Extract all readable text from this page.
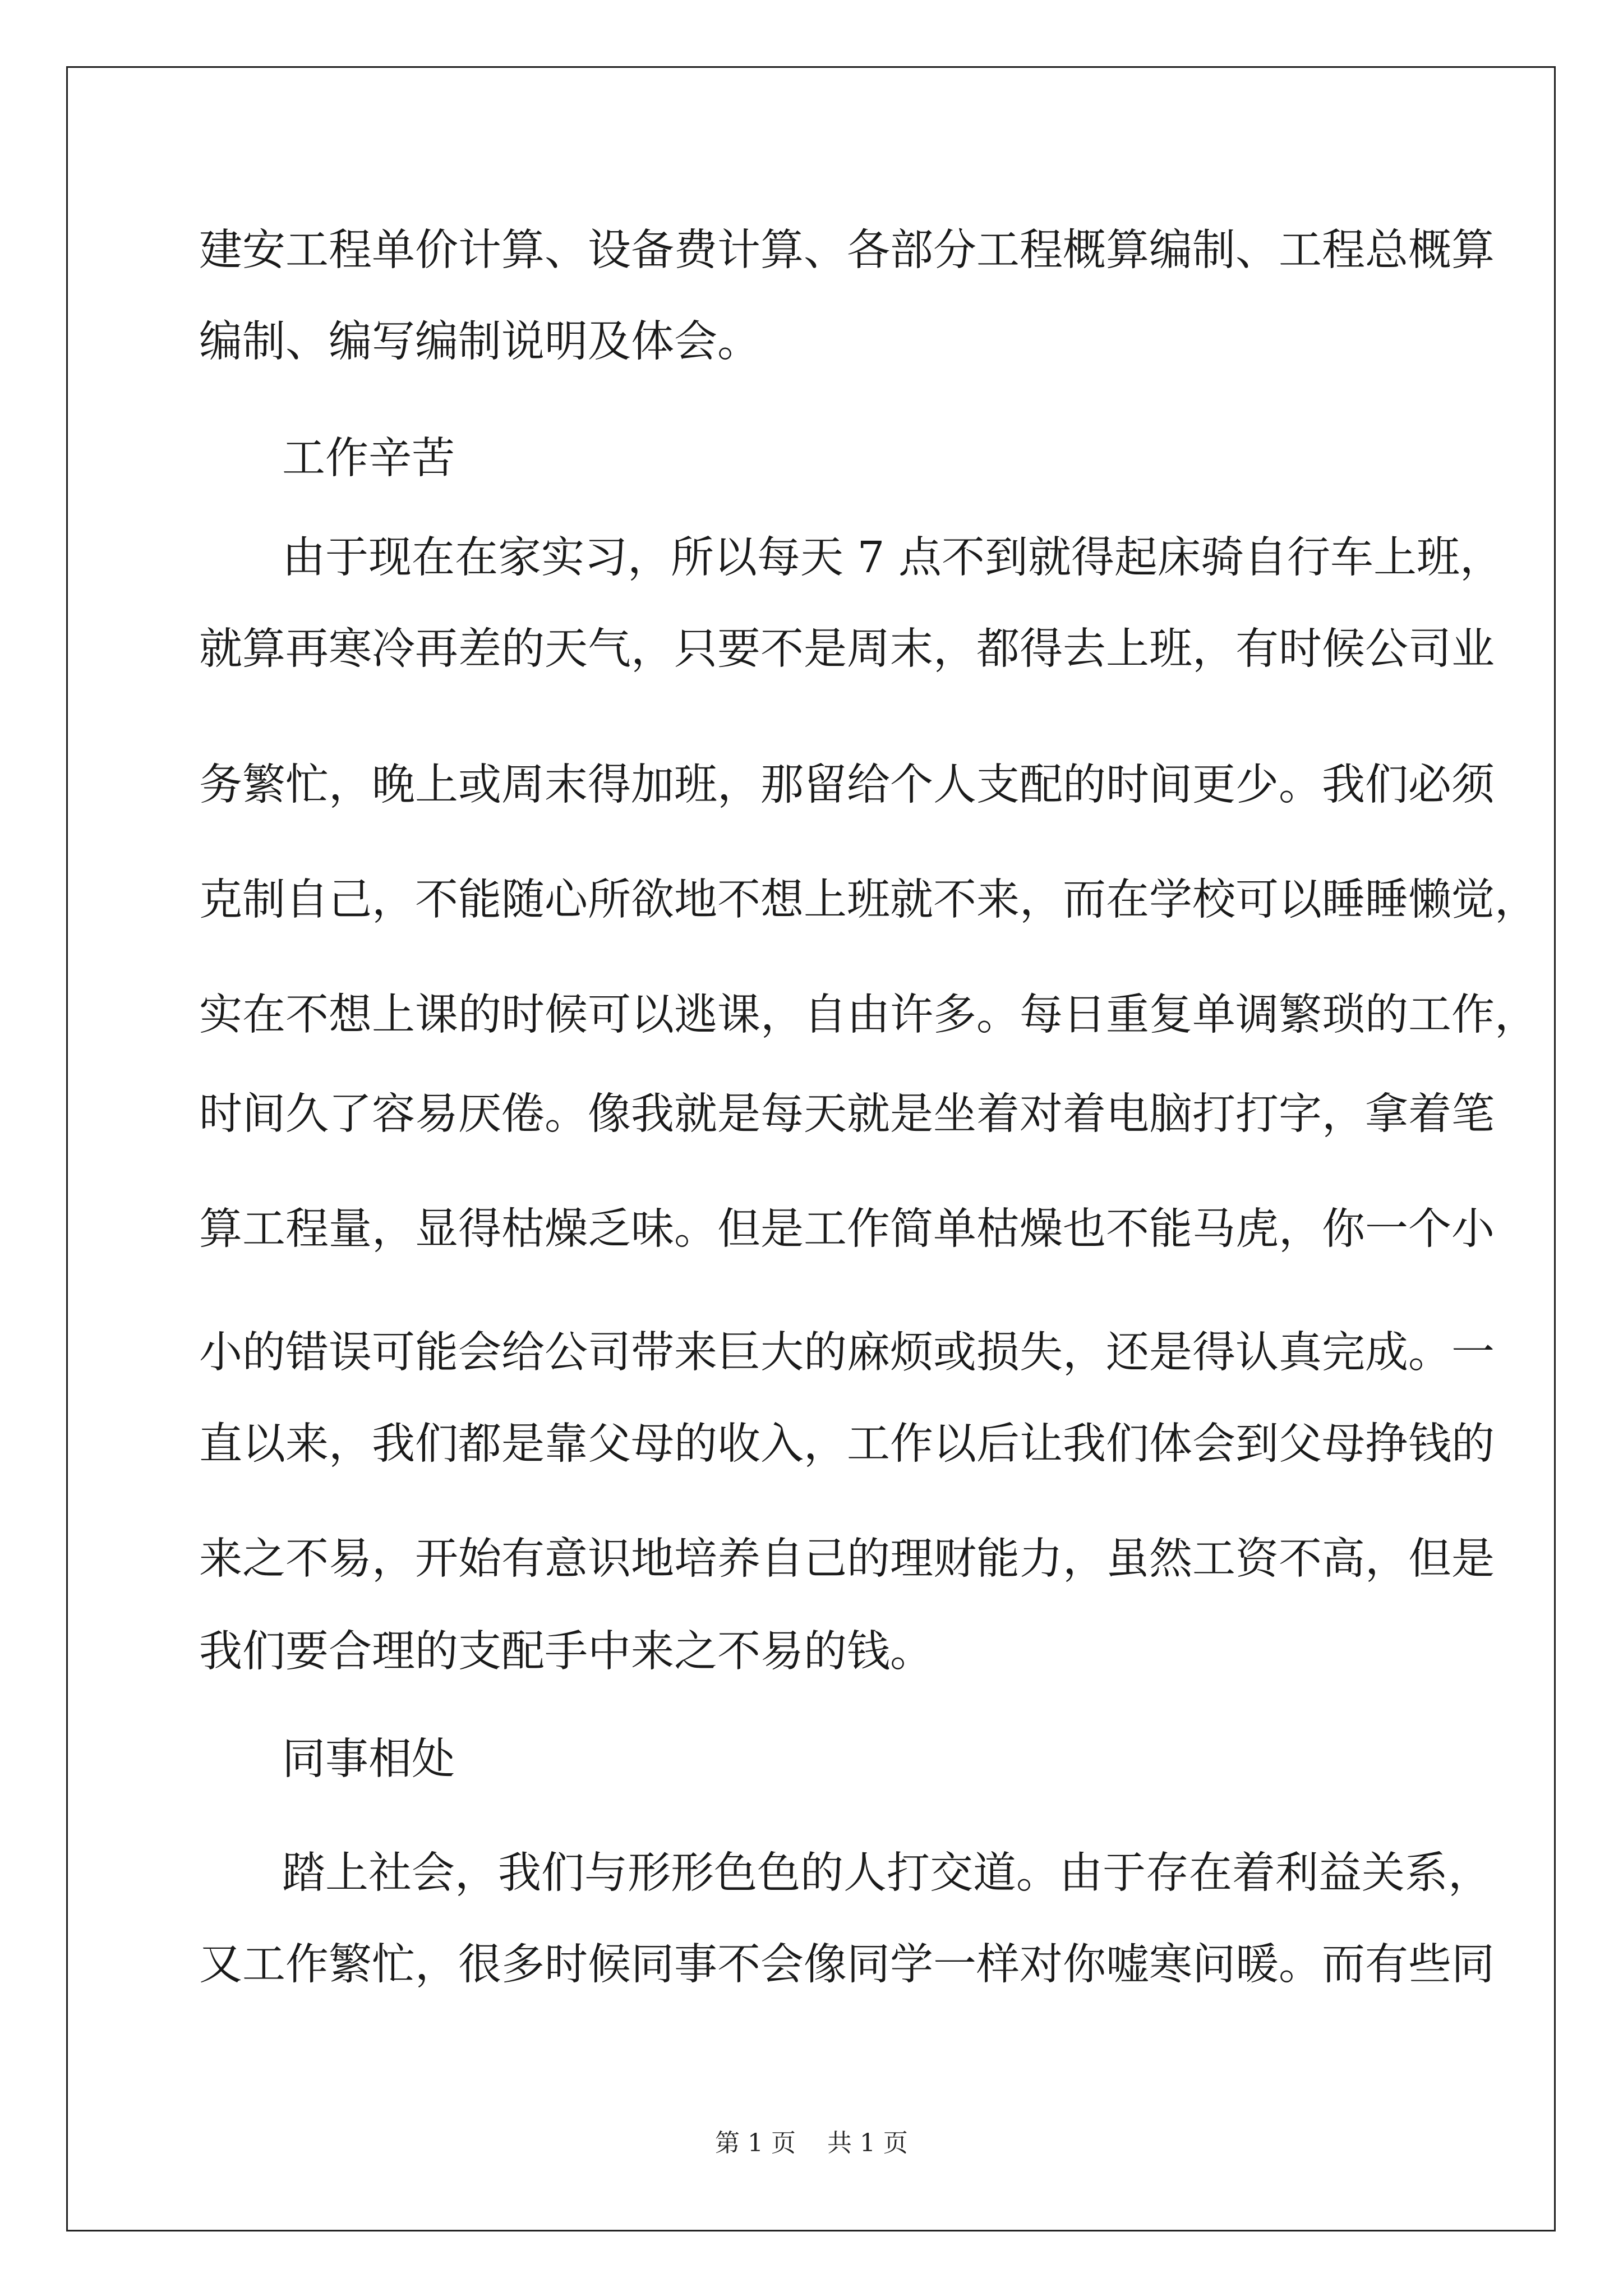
建安工程单价计算、设备费计算、各部分工程概算编制、工程总概算
编制、编写编制说明及体会。
工作辛苦
由于现在在家实习，所以每天 7 点不到就得起床骑自行车上班，
就算再寒冷再差的天气，只要不是周末，都得去上班，有时候公司业
务繁忙，晚上或周末得加班，那留给个人支配的时间更少。我们必须
克制自己，不能随心所欲地不想上班就不来，而在学校可以睡睡懒觉，
实在不想上课的时候可以逃课，自由许多。每日重复单调繁琐的工作，
时间久了容易厌倦。像我就是每天就是坐着对着电脑打打字，拿着笔
算工程量，显得枯燥乏味。但是工作简单枯燥也不能马虎，你一个小
小的错误可能会给公司带来巨大的麻烦或损失，还是得认真完成。一
直以来，我们都是靠父母的收入，工作以后让我们体会到父母挣钱的
来之不易，开始有意识地培养自己的理财能力，虽然工资不高，但是
我们要合理的支配手中来之不易的钱。
同事相处
踏上社会，我们与形形色色的人打交道。由于存在着利益关系，
又工作繁忙，很多时候同事不会像同学一样对你嘘寒问暖。而有些同
第 1 页 共 1 页
